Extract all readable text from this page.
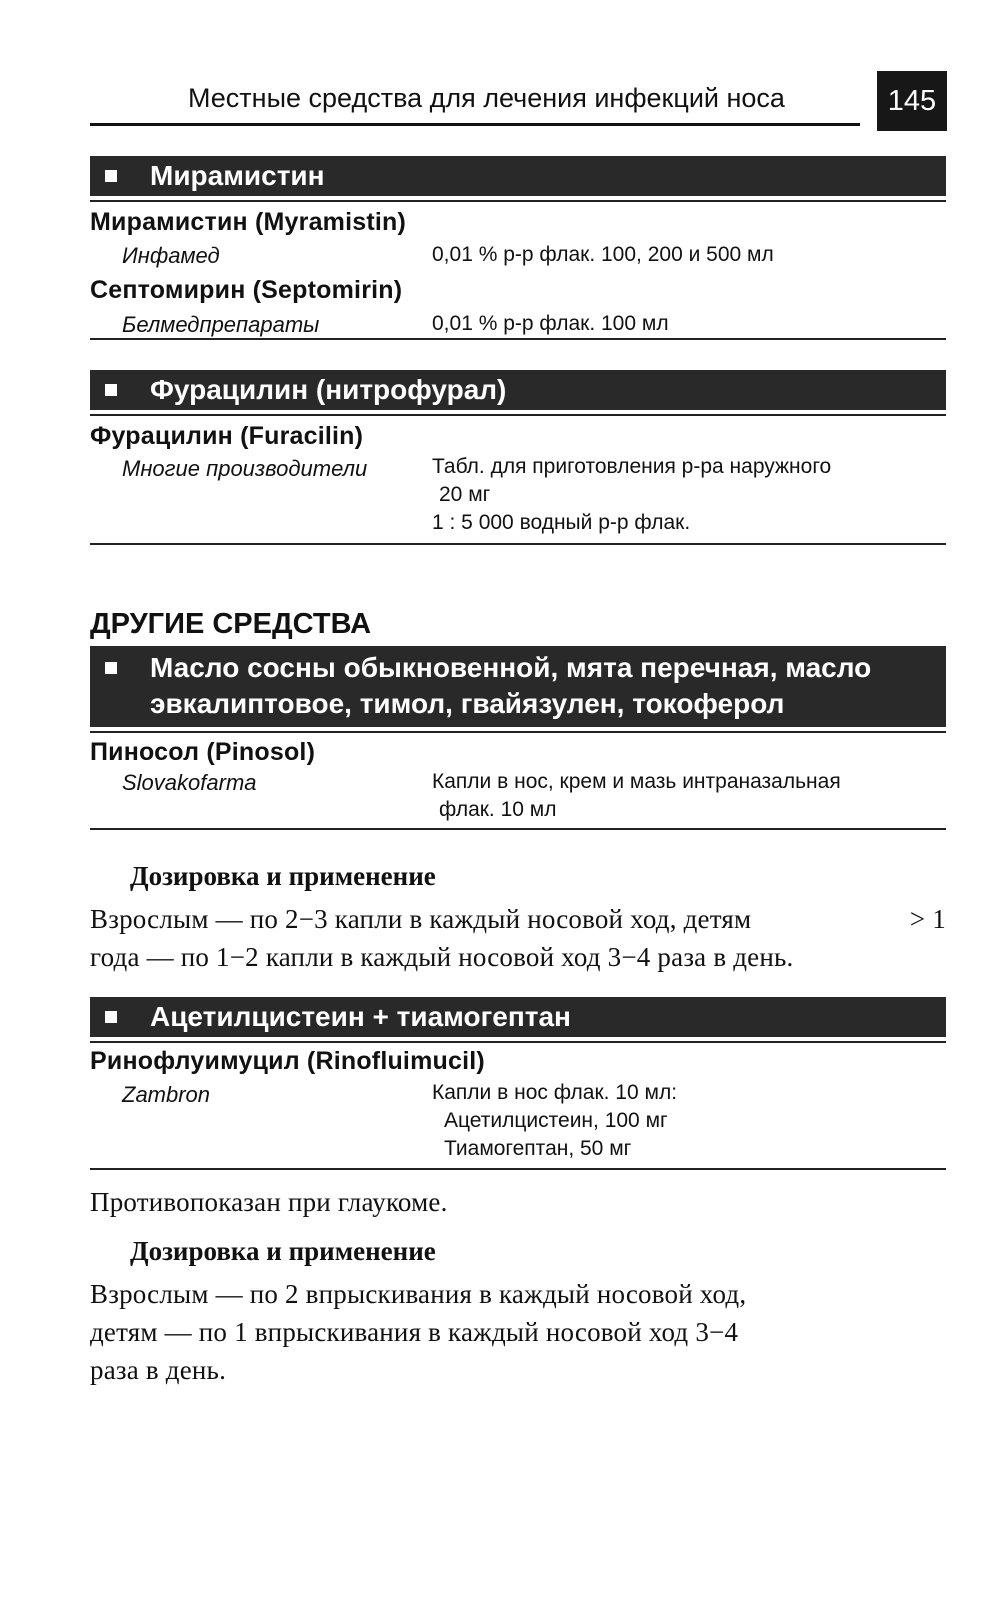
Местные средства для лечения инфекций носа	145
Мирамистин
Мирамистин (Myramistin)
Инфамед	0,01 % р-р флак. 100, 200 и 500 мл
Септомирин (Septomirin)
Белмедпрепараты	0,01 % р-р флак. 100 мл
Фурацилин (нитрофурал)
Фурацилин (Furacilin)
Многие производители	Табл. для приготовления р-ра наружного
20 мг
1 : 5 000 водный р-р флак.
ДРУГИЕ СРЕДСТВА
Масло сосны обыкновенной, мята перечная, масло
эвкалиптовое, тимол, гвайязулен, токоферол
Пиносол (Pinosol)
Slovakofarma	Капли в нос, крем и мазь интраназальная
флак. 10 мл
Дозировка и применение
Взрослым — по 2−3 капли в каждый носовой ход, детям	> 1
года — по 1−2 капли в каждый носовой ход 3−4 раза в день.
Ацетилцистеин + тиамогептан
Ринофлуимуцил (Rinofluimucil)
Zambron	Капли в нос флак. 10 мл:
Ацетилцистеин, 100 мг
Тиамогептан, 50 мг
Противопоказан при глаукоме.
Дозировка и применение
Взрослым — по 2 впрыскивания в каждый носовой ход,
детям — по 1 впрыскивания в каждый носовой ход 3−4
раза в день.
